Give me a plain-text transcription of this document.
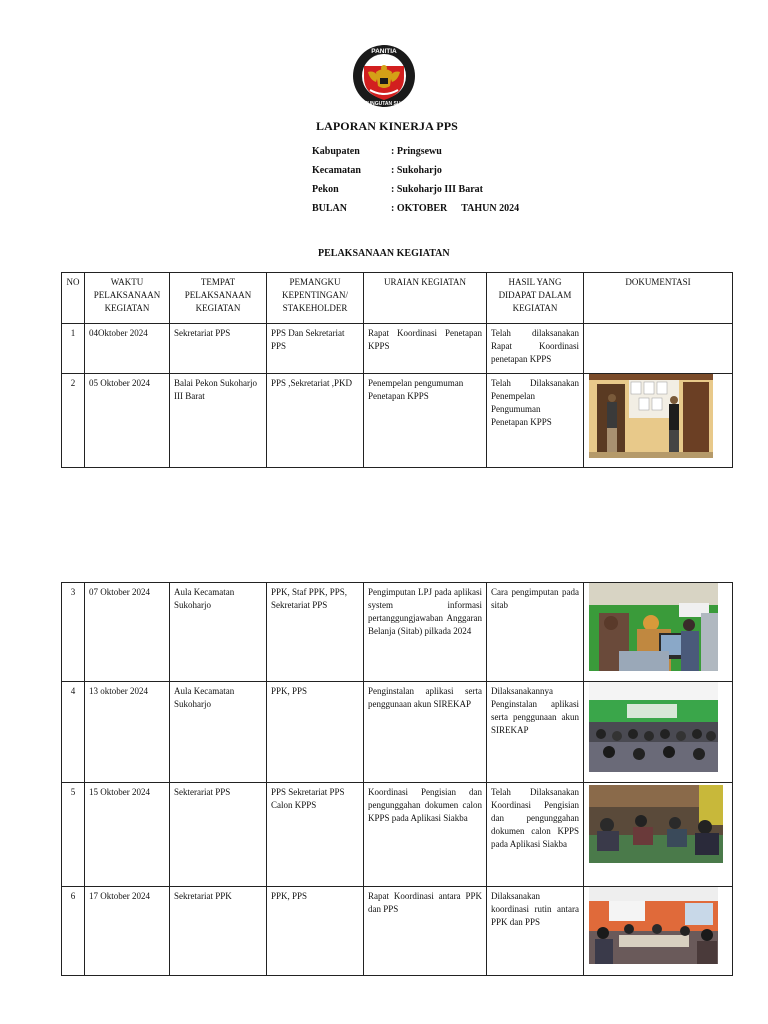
PANITIA
PEMUNGUTAN SUARA
LAPORAN KINERJA PPS
Kabupaten	: Pringsewu
Kecamatan	: Sukoharjo
Pekon	: Sukoharjo III Barat
BULAN	: OKTOBER TAHUN 2024
PELAKSANAAN KEGIATAN
NO	WAKTU PELAKSANAAN KEGIATAN	TEMPAT PELAKSANAAN KEGIATAN	PEMANGKU KEPENTINGAN/ STAKEHOLDER	URAIAN KEGIATAN	HASIL YANG DIDAPAT DALAM KEGIATAN	DOKUMENTASI
1	04Oktober 2024	Sekretariat PPS	PPS Dan Sekretariat PPS	Rapat Koordinasi Penetapan KPPS	Telah dilaksanakan Rapat Koordinasi penetapan KPPS	
2	05 Oktober 2024	Balai Pekon Sukoharjo III Barat	PPS ,Sekretariat ,PKD	Penempelan pengumuman Penetapan KPPS	Telah Dilaksanakan Penempelan Pengumuman Penetapan KPPS	
3	07 Oktober 2024	Aula Kecamatan Sukoharjo	PPK, Staf PPK, PPS, Sekretariat PPS	Pengimputan LPJ pada aplikasi system informasi pertanggungjawaban Anggaran Belanja (Sitab) pilkada 2024	Cara pengimputan pada sitab	

4	13 oktober 2024	Aula Kecamatan Sukoharjo	PPK, PPS	Penginstalan aplikasi serta penggunaan akun SIREKAP	Dilaksanakannya Penginstalan aplikasi serta penggunaan akun SIREKAP	

5	15 Oktober 2024	Sekterariat PPS	PPS Sekretariat PPS Calon KPPS	Koordinasi Pengisian dan pengunggahan dokumen calon KPPS pada Aplikasi Siakba	Telah Dilaksanakan Koordinasi Pengisian dan pengunggahan dokumen calon KPPS pada Aplikasi Siakba	

6	17 Oktober 2024	Sekretariat PPK	PPK, PPS	Rapat Koordinasi antara PPK dan PPS	Dilaksanakan koordinasi rutin antara PPK dan PPS	
